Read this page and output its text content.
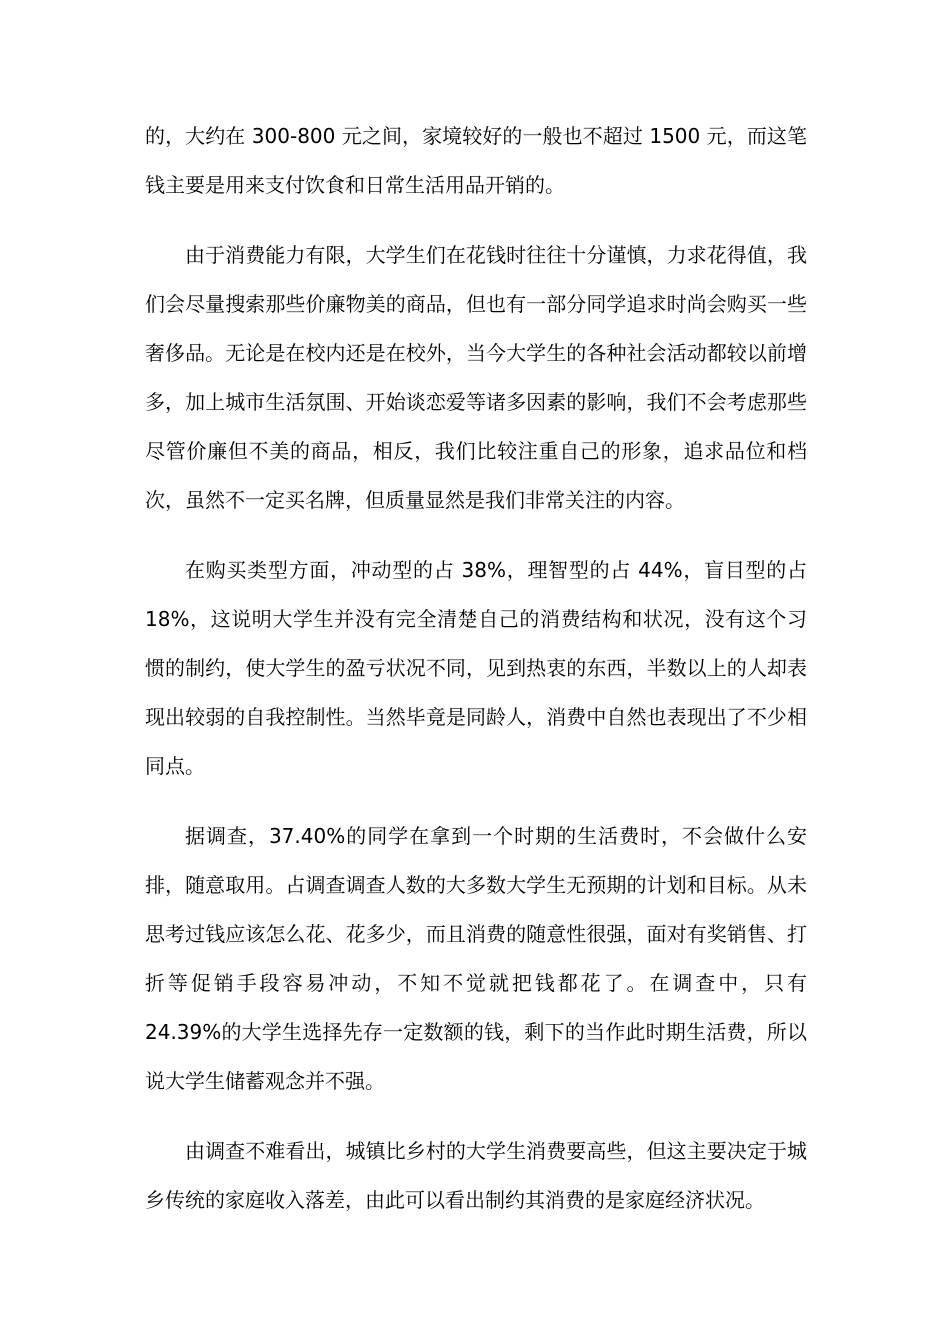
的，大约在 300-800 元之间，家境较好的一般也不超过 1500 元，而这笔钱主要是用来支付饮食和日常生活用品开销的。

由于消费能力有限，大学生们在花钱时往往十分谨慎，力求花得值，我们会尽量搜索那些价廉物美的商品，但也有一部分同学追求时尚会购买一些奢侈品。无论是在校内还是在校外，当今大学生的各种社会活动都较以前增多，加上城市生活氛围、开始谈恋爱等诸多因素的影响，我们不会考虑那些尽管价廉但不美的商品，相反，我们比较注重自己的形象，追求品位和档次，虽然不一定买名牌，但质量显然是我们非常关注的内容。

在购买类型方面，冲动型的占 38%，理智型的占 44%，盲目型的占 18%，这说明大学生并没有完全清楚自己的消费结构和状况，没有这个习惯的制约，使大学生的盈亏状况不同，见到热衷的东西，半数以上的人却表现出较弱的自我控制性。当然毕竟是同龄人，消费中自然也表现出了不少相同点。

据调查，37.40%的同学在拿到一个时期的生活费时，不会做什么安排，随意取用。占调查调查人数的大多数大学生无预期的计划和目标。从未思考过钱应该怎么花、花多少，而且消费的随意性很强，面对有奖销售、打折等促销手段容易冲动，不知不觉就把钱都花了。在调查中，只有 24.39%的大学生选择先存一定数额的钱，剩下的当作此时期生活费，所以说大学生储蓄观念并不强。

由调查不难看出，城镇比乡村的大学生消费要高些，但这主要决定于城乡传统的家庭收入落差，由此可以看出制约其消费的是家庭经济状况。
